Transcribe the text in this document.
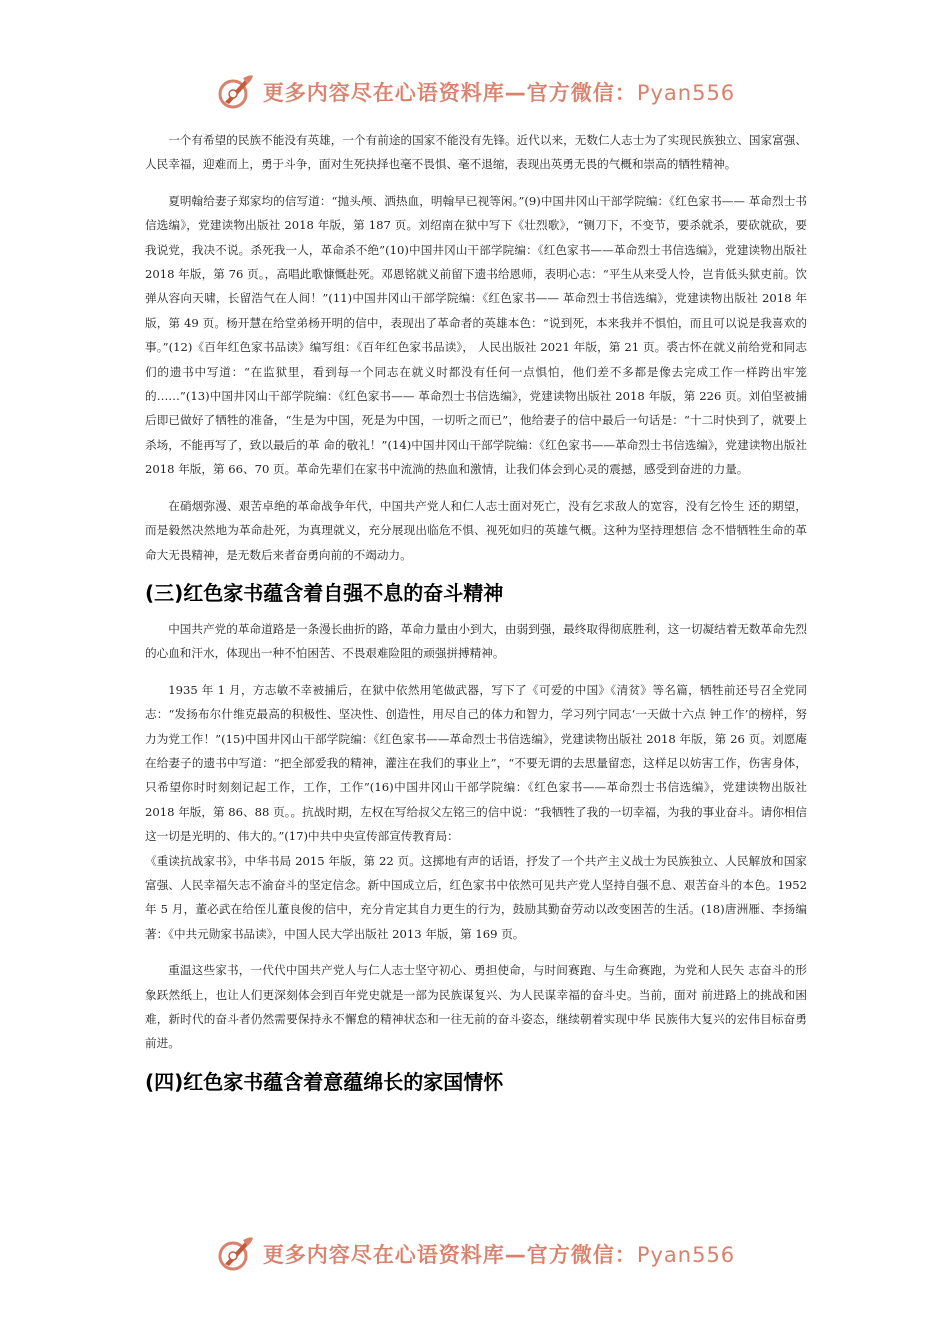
更多内容尽在心语资料库—官方微信：Pyan556

一个有希望的民族不能没有英雄，一个有前途的国家不能没有先锋。近代以来，无数仁人志士为了实现民族独立、国家富强、人民幸福，迎难而上，勇于斗争，面对生死抉择也毫不畏惧、毫不退缩，表现出英勇无畏的气概和崇高的牺牲精神。

夏明翰给妻子郑家均的信写道：“抛头颅、洒热血，明翰早已视等闲。”(9)中国井冈山干部学院编：《红色家书—— 革命烈士书信选编》，党建读物出版社 2018 年版，第 187 页。刘绍南在狱中写下《壮烈歌》，“铡刀下，不变节，要杀就杀，要砍就砍，要我说党，我决不说。杀死我一人，革命杀不绝”(10)中国井冈山干部学院编：《红色家书——革命烈士书信选编》，党建读物出版社 2018 年版，第 76 页。，高唱此歌慷慨赴死。邓恩铭就义前留下遗书给恩师，表明心志：“平生从来受人怜，岂肯低头狱吏前。饮弹从容向天啸，长留浩气在人间！”(11)中国井冈山干部学院编：《红色家书—— 革命烈士书信选编》，党建读物出版社 2018 年版，第 49 页。杨开慧在给堂弟杨开明的信中，表现出了革命者的英雄本色：“说到死，本来我并不惧怕，而且可以说是我喜欢的事。”(12)《百年红色家书品读》编写组：《百年红色家书品读》， 人民出版社 2021 年版，第 21 页。裘古怀在就义前给党和同志们的遗书中写道：“在监狱里，看到每一个同志在就义时都没有任何一点惧怕，他们差不多都是像去完成工作一样跨出牢笼的……”(13)中国井冈山干部学院编：《红色家书—— 革命烈士书信选编》，党建读物出版社 2018 年版，第 226 页。刘伯坚被捕后即已做好了牺牲的准备，“生是为中国，死是为中国，一切听之而已”，他给妻子的信中最后一句话是：“十二时快到了，就要上杀场，不能再写了，致以最后的革 命的敬礼！”(14)中国井冈山干部学院编：《红色家书——革命烈士书信选编》，党建读物出版社 2018 年版，第 66、70 页。革命先辈们在家书中流淌的热血和激情，让我们体会到心灵的震撼，感受到奋进的力量。

在硝烟弥漫、艰苦卓绝的革命战争年代，中国共产党人和仁人志士面对死亡，没有乞求敌人的宽容，没有乞怜生 还的期望，而是毅然决然地为革命赴死，为真理就义，充分展现出临危不惧、视死如归的英雄气概。这种为坚持理想信 念不惜牺牲生命的革命大无畏精神，是无数后来者奋勇向前的不竭动力。

(三)红色家书蕴含着自强不息的奋斗精神

中国共产党的革命道路是一条漫长曲折的路，革命力量由小到大，由弱到强，最终取得彻底胜利，这一切凝结着无数革命先烈的心血和汗水，体现出一种不怕困苦、不畏艰难险阻的顽强拼搏精神。

1935 年 1 月，方志敏不幸被捕后，在狱中依然用笔做武器，写下了《可爱的中国》《清贫》等名篇，牺牲前还号召全党同志：“发扬布尔什维克最高的积极性、坚决性、创造性，用尽自己的体力和智力，学习列宁同志‘一天做十六点 钟工作’的榜样，努力为党工作！”(15)中国井冈山干部学院编：《红色家书——革命烈士书信选编》，党建读物出版社 2018 年版，第 26 页。刘愿庵在给妻子的遗书中写道：“把全部爱我的精神，灌注在我们的事业上”，“不要无谓的去思量留恋，这样足以妨害工作，伤害身体，只希望你时时刻刻记起工作，工作，工作”(16)中国井冈山干部学院编：《红色家书——革命烈士书信选编》，党建读物出版社 2018 年版，第 86、88 页。。抗战时期，左权在写给叔父左铭三的信中说：“我牺牲了我的一切幸福，为我的事业奋斗。请你相信这一切是光明的、伟大的。”(17)中共中央宣传部宣传教育局：

《重读抗战家书》，中华书局 2015 年版，第 22 页。这掷地有声的话语，抒发了一个共产主义战士为民族独立、人民解放和国家富强、人民幸福矢志不渝奋斗的坚定信念。新中国成立后，红色家书中依然可见共产党人坚持自强不息、艰苦奋斗的本色。1952 年 5 月，董必武在给侄儿董良俊的信中，充分肯定其自力更生的行为，鼓励其勤奋劳动以改变困苦的生活。(18)唐洲雁、李扬编著：《中共元勋家书品读》，中国人民大学出版社 2013 年版，第 169 页。

重温这些家书，一代代中国共产党人与仁人志士坚守初心、勇担使命，与时间赛跑、与生命赛跑，为党和人民矢 志奋斗的形象跃然纸上，也让人们更深刻体会到百年党史就是一部为民族谋复兴、为人民谋幸福的奋斗史。当前，面对 前进路上的挑战和困难，新时代的奋斗者仍然需要保持永不懈怠的精神状态和一往无前的奋斗姿态，继续朝着实现中华 民族伟大复兴的宏伟目标奋勇前进。

(四)红色家书蕴含着意蕴绵长的家国情怀
更多内容尽在心语资料库—官方微信：Pyan556
